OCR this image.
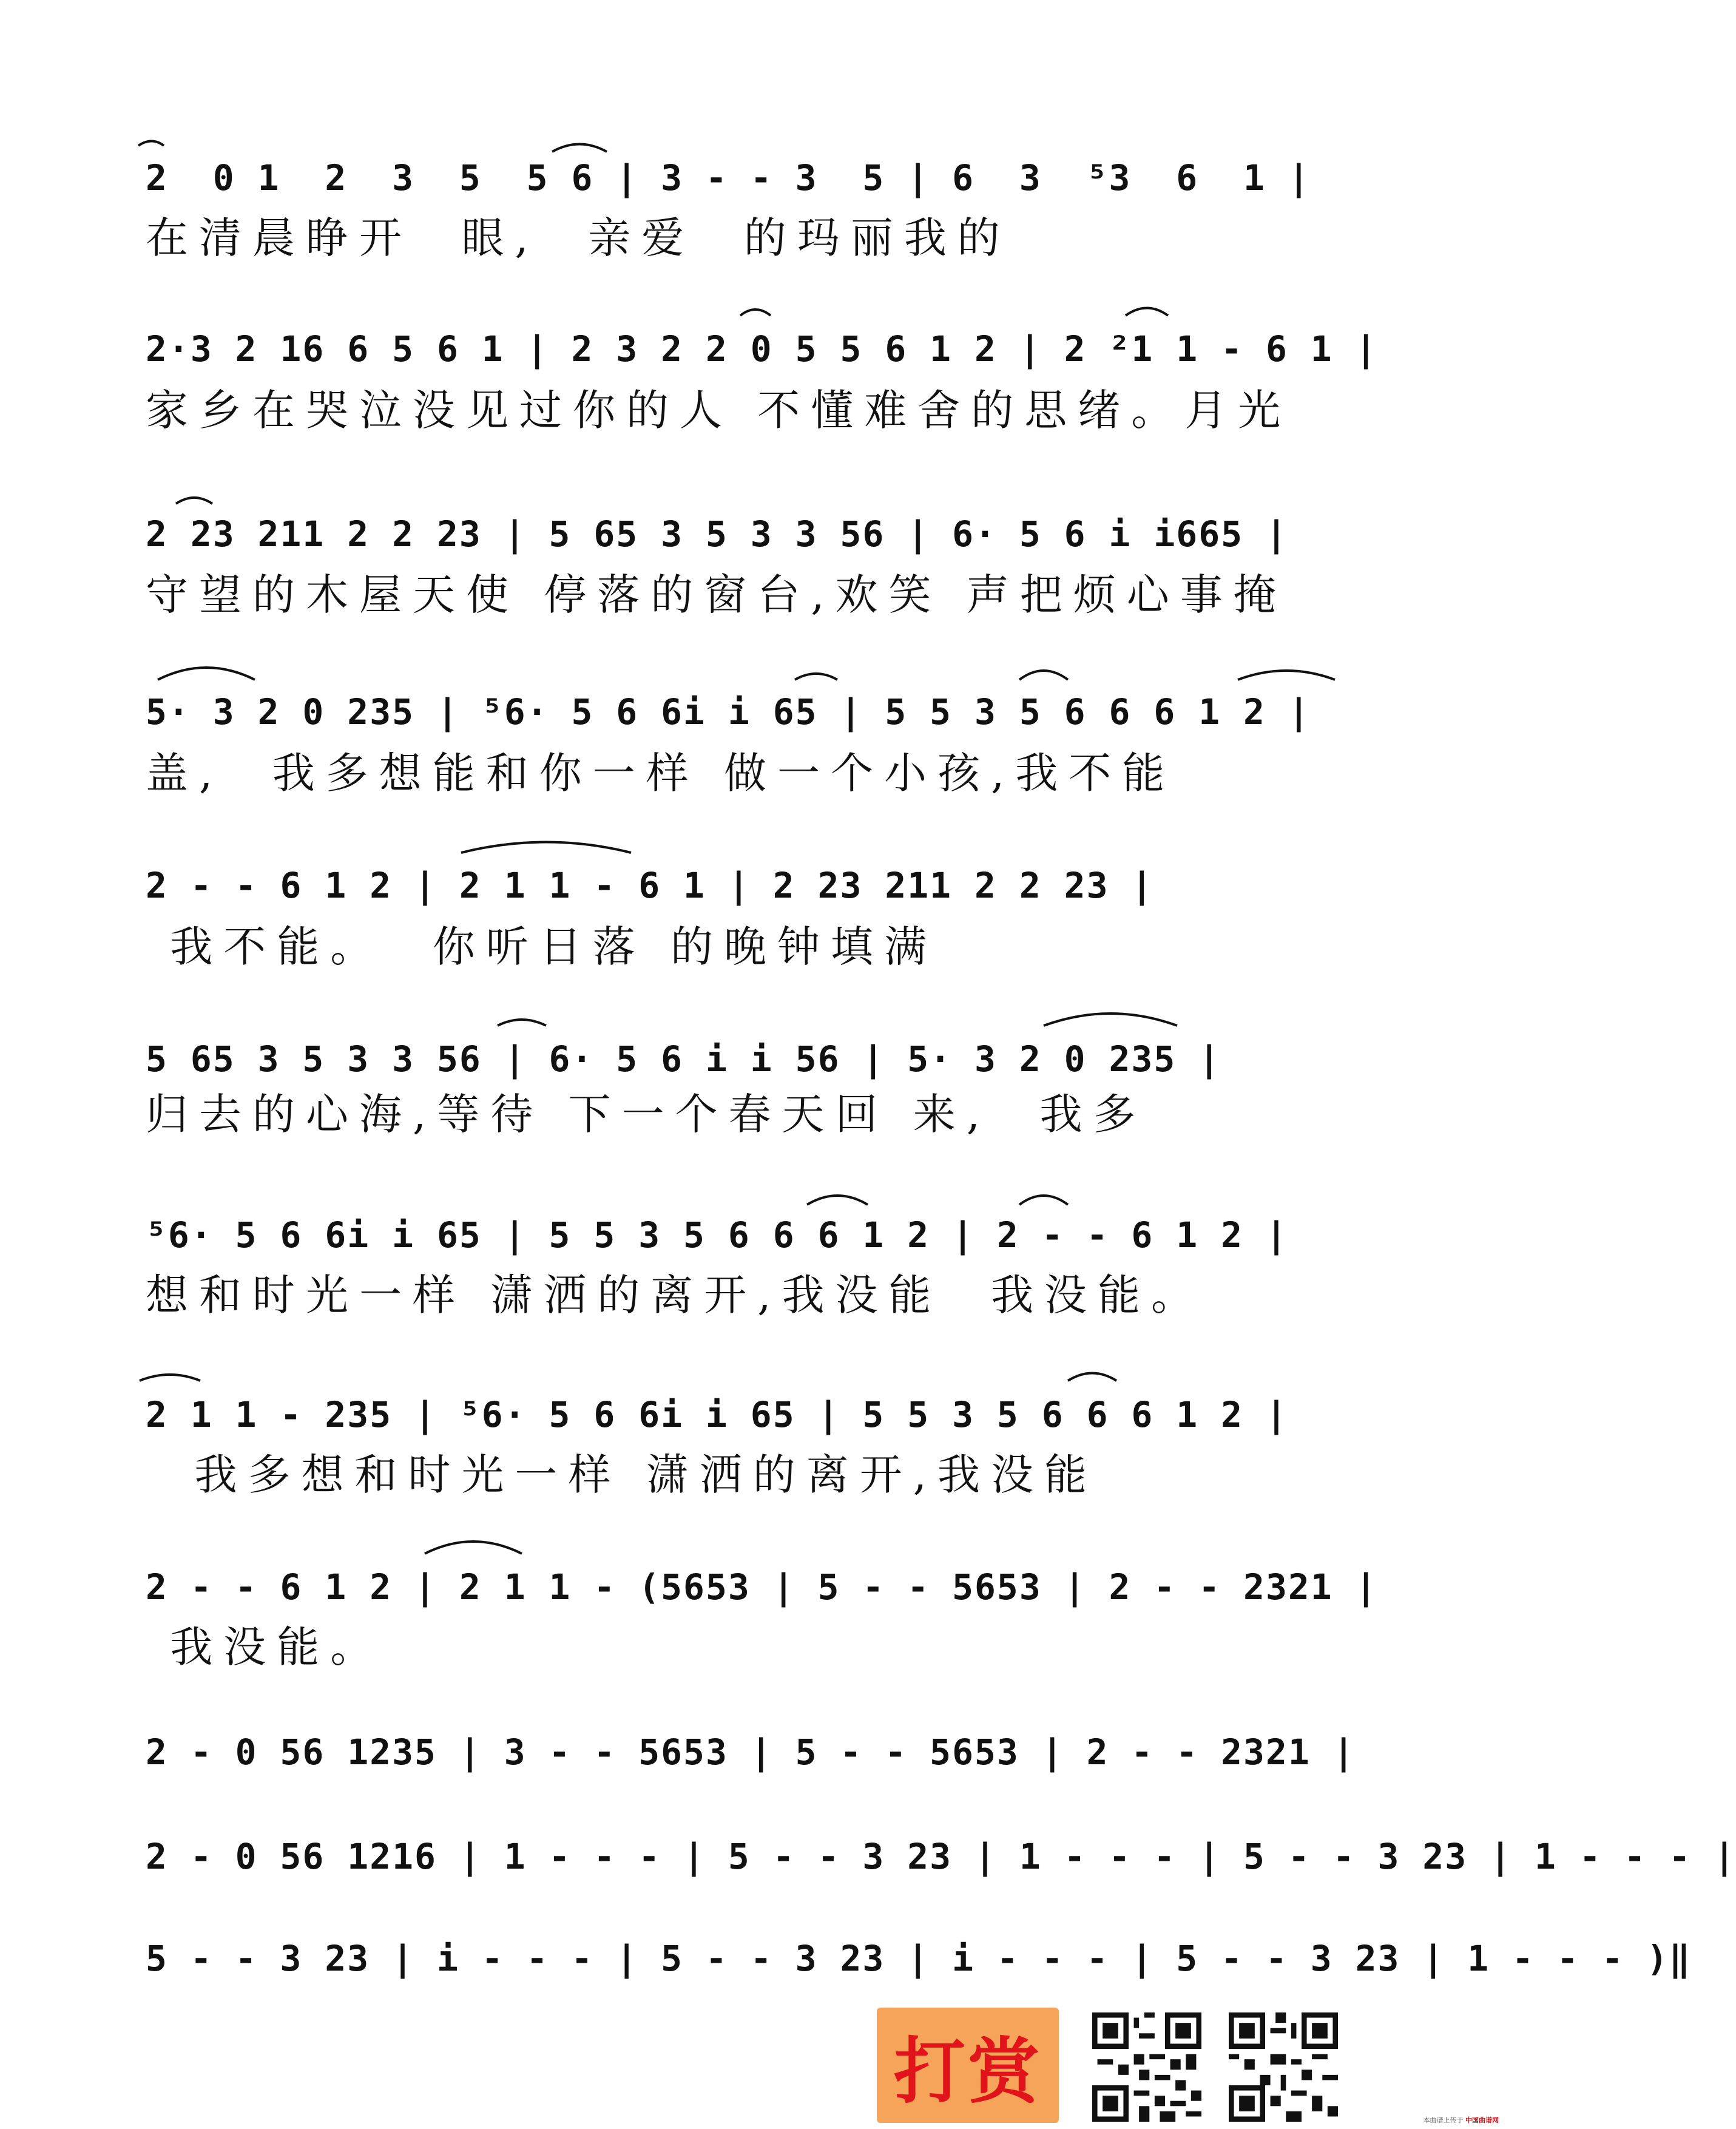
2  0 1  2  3  5  5 6 | 3 - - 3  5 | 6  3  ⁵3  6  1 |
在清晨睁开  眼,  亲爱  的玛丽我的
2·3 2 16 6 5 6 1 | 2 3 2 2 0 5 5 6 1 2 | 2 ²1 1 - 6 1 |
家乡在哭泣没见过你的人 不懂难舍的思绪。月光
2 23 211 2 2 23 | 5 65 3 5 3 3 56 | 6· 5 6 i i665 |
守望的木屋天使 停落的窗台,欢笑 声把烦心事掩
5· 3 2 0 235 | ⁵6· 5 6 6i i 65 | 5 5 3 5 6 6 6 1 2 |
盖,  我多想能和你一样 做一个小孩,我不能
2 - - 6 1 2 | 2 1 1 - 6 1 | 2 23 211 2 2 23 |
我不能。  你听日落 的晚钟填满
5 65 3 5 3 3 56 | 6· 5 6 i i 56 | 5· 3 2 0 235 |
归去的心海,等待 下一个春天回 来,  我多
⁵6· 5 6 6i i 65 | 5 5 3 5 6 6 6 1 2 | 2 - - 6 1 2 |
想和时光一样 潇洒的离开,我没能  我没能。
2 1 1 - 235 | ⁵6· 5 6 6i i 65 | 5 5 3 5 6 6 6 1 2 |
我多想和时光一样 潇洒的离开,我没能
2 - - 6 1 2 | 2 1 1 - (5653 | 5 - - 5653 | 2 - - 2321 |
我没能。
2 - 0 56 1235 | 3 - - 5653 | 5 - - 5653 | 2 - - 2321 |
2 - 0 56 1216 | 1 - - - | 5 - - 3 23 | 1 - - - | 5 - - 3 23 | 1 - - - |
5 - - 3 23 | i - - - | 5 - - 3 23 | i - - - | 5 - - 3 23 | 1 - - - )‖
打赏
本曲谱上传于 中国曲谱网
